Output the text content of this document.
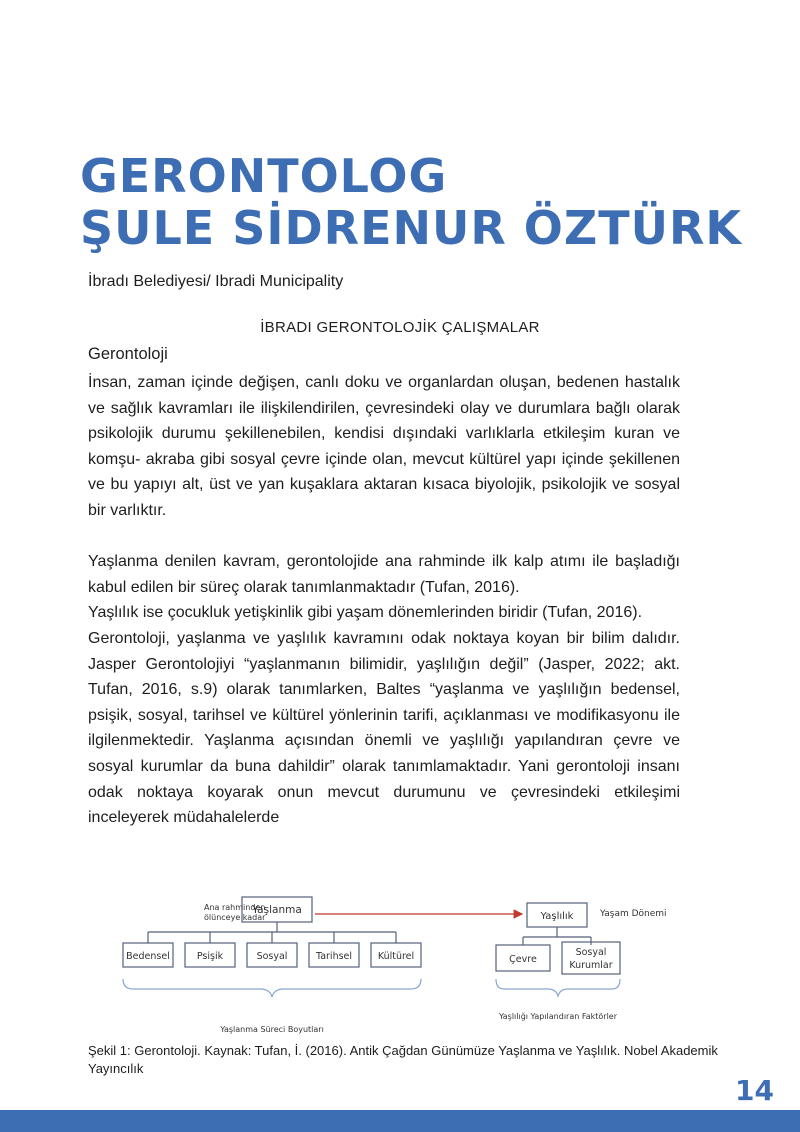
GERONTOLOG
ŞULE SİDRENUR ÖZTÜRK
İbradı Belediyesi/ Ibradi Municipality
İBRADI GERONTOLOJİK ÇALIŞMALAR
Gerontoloji

İnsan, zaman içinde değişen, canlı doku ve organlardan oluşan, bedenen hastalık ve sağlık kavramları ile ilişkilendirilen, çevresindeki olay ve durumlara bağlı olarak psikolojik durumu şekillenebilen, kendisi dışındaki varlıklarla etkileşim kuran ve komşu- akraba gibi sosyal çevre içinde olan, mevcut kültürel yapı içinde şekillenen ve bu yapıyı alt, üst ve yan kuşaklara aktaran kısaca biyolojik, psikolojik ve sosyal bir varlıktır.

Yaşlanma denilen kavram, gerontolojide ana rahminde ilk kalp atımı ile başladığı kabul edilen bir süreç olarak tanımlanmaktadır (Tufan, 2016).

Yaşlılık ise çocukluk yetişkinlik gibi yaşam dönemlerinden biridir (Tufan, 2016).

Gerontoloji, yaşlanma ve yaşlılık kavramını odak noktaya koyan bir bilim dalıdır. Jasper Gerontolojiyi “yaşlanmanın bilimidir, yaşlılığın değil” (Jasper, 2022; akt. Tufan, 2016, s.9) olarak tanımlarken, Baltes “yaşlanma ve yaşlılığın bedensel, psişik, sosyal, tarihsel ve kültürel yönlerinin tarifi, açıklanması ve modifikasyonu ile ilgilenmektedir. Yaşlanma açısından önemli ve yaşlılığı yapılandıran çevre ve sosyal kurumlar da buna dahildir” olarak tanımlamaktadır. Yani gerontoloji insanı odak noktaya koyarak onun mevcut durumunu ve çevresindeki etkileşimi inceleyerek müdahalelerde

Ana rahminden
ölünceye kadar
Yaşlanma
Bedensel	Psişik	Sosyal	Tarihsel	Kültürel
Yaşlılık	Yaşam Dönemi
Çevre
Sosyal
Kurumlar
Yaşlanma Süreci Boyutları
Yaşlılığı Yapılandıran Faktörler
Şekil 1: Gerontoloji. Kaynak: Tufan, İ. (2016). Antik Çağdan Günümüze Yaşlanma ve Yaşlılık. Nobel Akademik Yayıncılık
14
